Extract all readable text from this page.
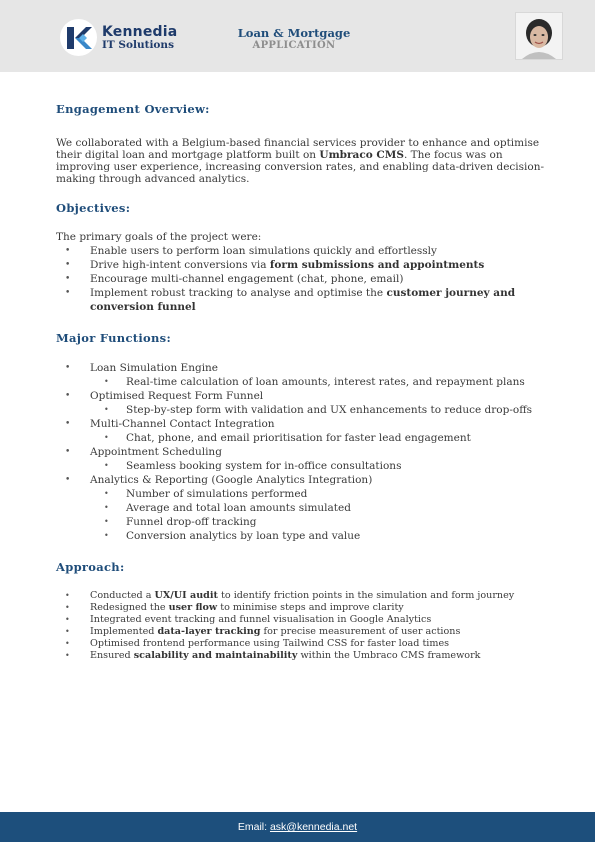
Kennedia
IT Solutions
Loan & Mortgage
APPLICATION
Engagement Overview:

We collaborated with a Belgium-based financial services provider to enhance and optimise their digital loan and mortgage platform built on Umbraco CMS. The focus was on improving user experience, increasing conversion rates, and enabling data-driven decision-making through advanced analytics.

Objectives:

The primary goals of the project were:

• Enable users to perform loan simulations quickly and effortlessly
• Drive high-intent conversions via form submissions and appointments
• Encourage multi-channel engagement (chat, phone, email)
• Implement robust tracking to analyse and optimise the customer journey and conversion funnel
Major Functions:
• Loan Simulation Engine
• Real-time calculation of loan amounts, interest rates, and repayment plans
• Optimised Request Form Funnel
• Step-by-step form with validation and UX enhancements to reduce drop-offs
• Multi-Channel Contact Integration
• Chat, phone, and email prioritisation for faster lead engagement
• Appointment Scheduling
• Seamless booking system for in-office consultations
• Analytics & Reporting (Google Analytics Integration)
• Number of simulations performed
• Average and total loan amounts simulated
• Funnel drop-off tracking
• Conversion analytics by loan type and value
Approach:
• Conducted a UX/UI audit to identify friction points in the simulation and form journey
• Redesigned the user flow to minimise steps and improve clarity
• Integrated event tracking and funnel visualisation in Google Analytics
• Implemented data-layer tracking for precise measurement of user actions
• Optimised frontend performance using Tailwind CSS for faster load times
• Ensured scalability and maintainability within the Umbraco CMS framework
Email: ask@kennedia.net
